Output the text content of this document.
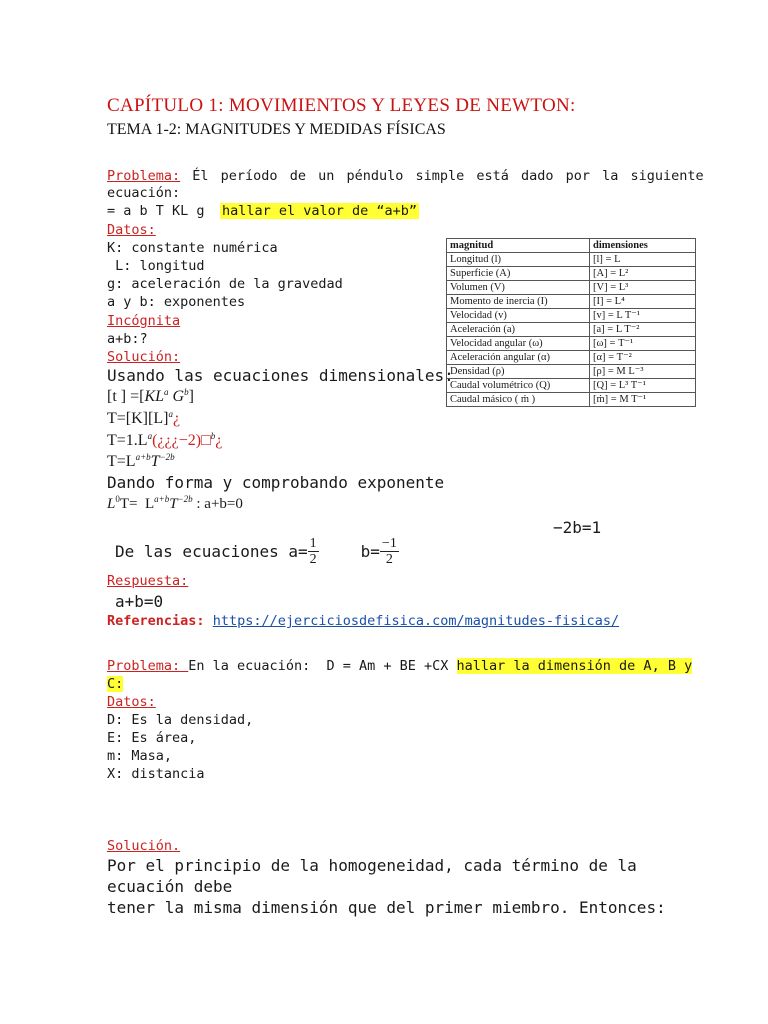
CAPÍTULO 1: MOVIMIENTOS Y LEYES DE NEWTON:
TEMA 1-2: MAGNITUDES Y MEDIDAS FÍSICAS
Problema: Él período de un péndulo simple está dado por la siguiente
ecuación:
= a b T KL g hallar el valor de “a+b”
Datos:
K: constante numérica
L: longitud
g: aceleración de la gravedad
a y b: exponentes
Incógnita
a+b:?
Solución:
Usando las ecuaciones dimensionales:
[t ] $=[KL^a$ $G^b$]
$T=[K][L]^a¿$
$T=1.L^a(¿¿¿-2)□^b¿$
$T=L^{a+b}T^{-2b}$
Dando forma y comprobando exponente
$L^0T= L^{a+b}T^{-2b}$ : a+b=0
−2b=1
De las ecuaciones $a= \frac{1}{2}$	$b= \frac{-1}{2}$
Respuesta:
a+b=0
Referencias: https://ejerciciosdefisica.com/magnitudes-fisicas/
magnitud	dimensiones
Longitud (l)	[l] = L
Superficie (A)	[A] = L²
Volumen (V)	[V] = L³
Momento de inercia (I)	[I] = L⁴
Velocidad (v)	[v] = L T⁻¹
Aceleración (a)	[a] = L T⁻²
Velocidad angular (ω)	[ω] = T⁻¹
Aceleración angular (α)	[α] = T⁻²
Densidad (ρ)	[ρ] = M L⁻³
Caudal volumétrico (Q)	[Q] = L³ T⁻¹
Caudal másico ( ṁ )	[ṁ] = M T⁻¹
Problema: En la ecuación:  D = Am + BE +CX hallar la dimensión de A, B y
C:
Datos:
D: Es la densidad,
E: Es área,
m: Masa,
X: distancia
Solución.
Por el principio de la homogeneidad, cada término de la
ecuación debe
tener la misma dimensión que del primer miembro. Entonces:
